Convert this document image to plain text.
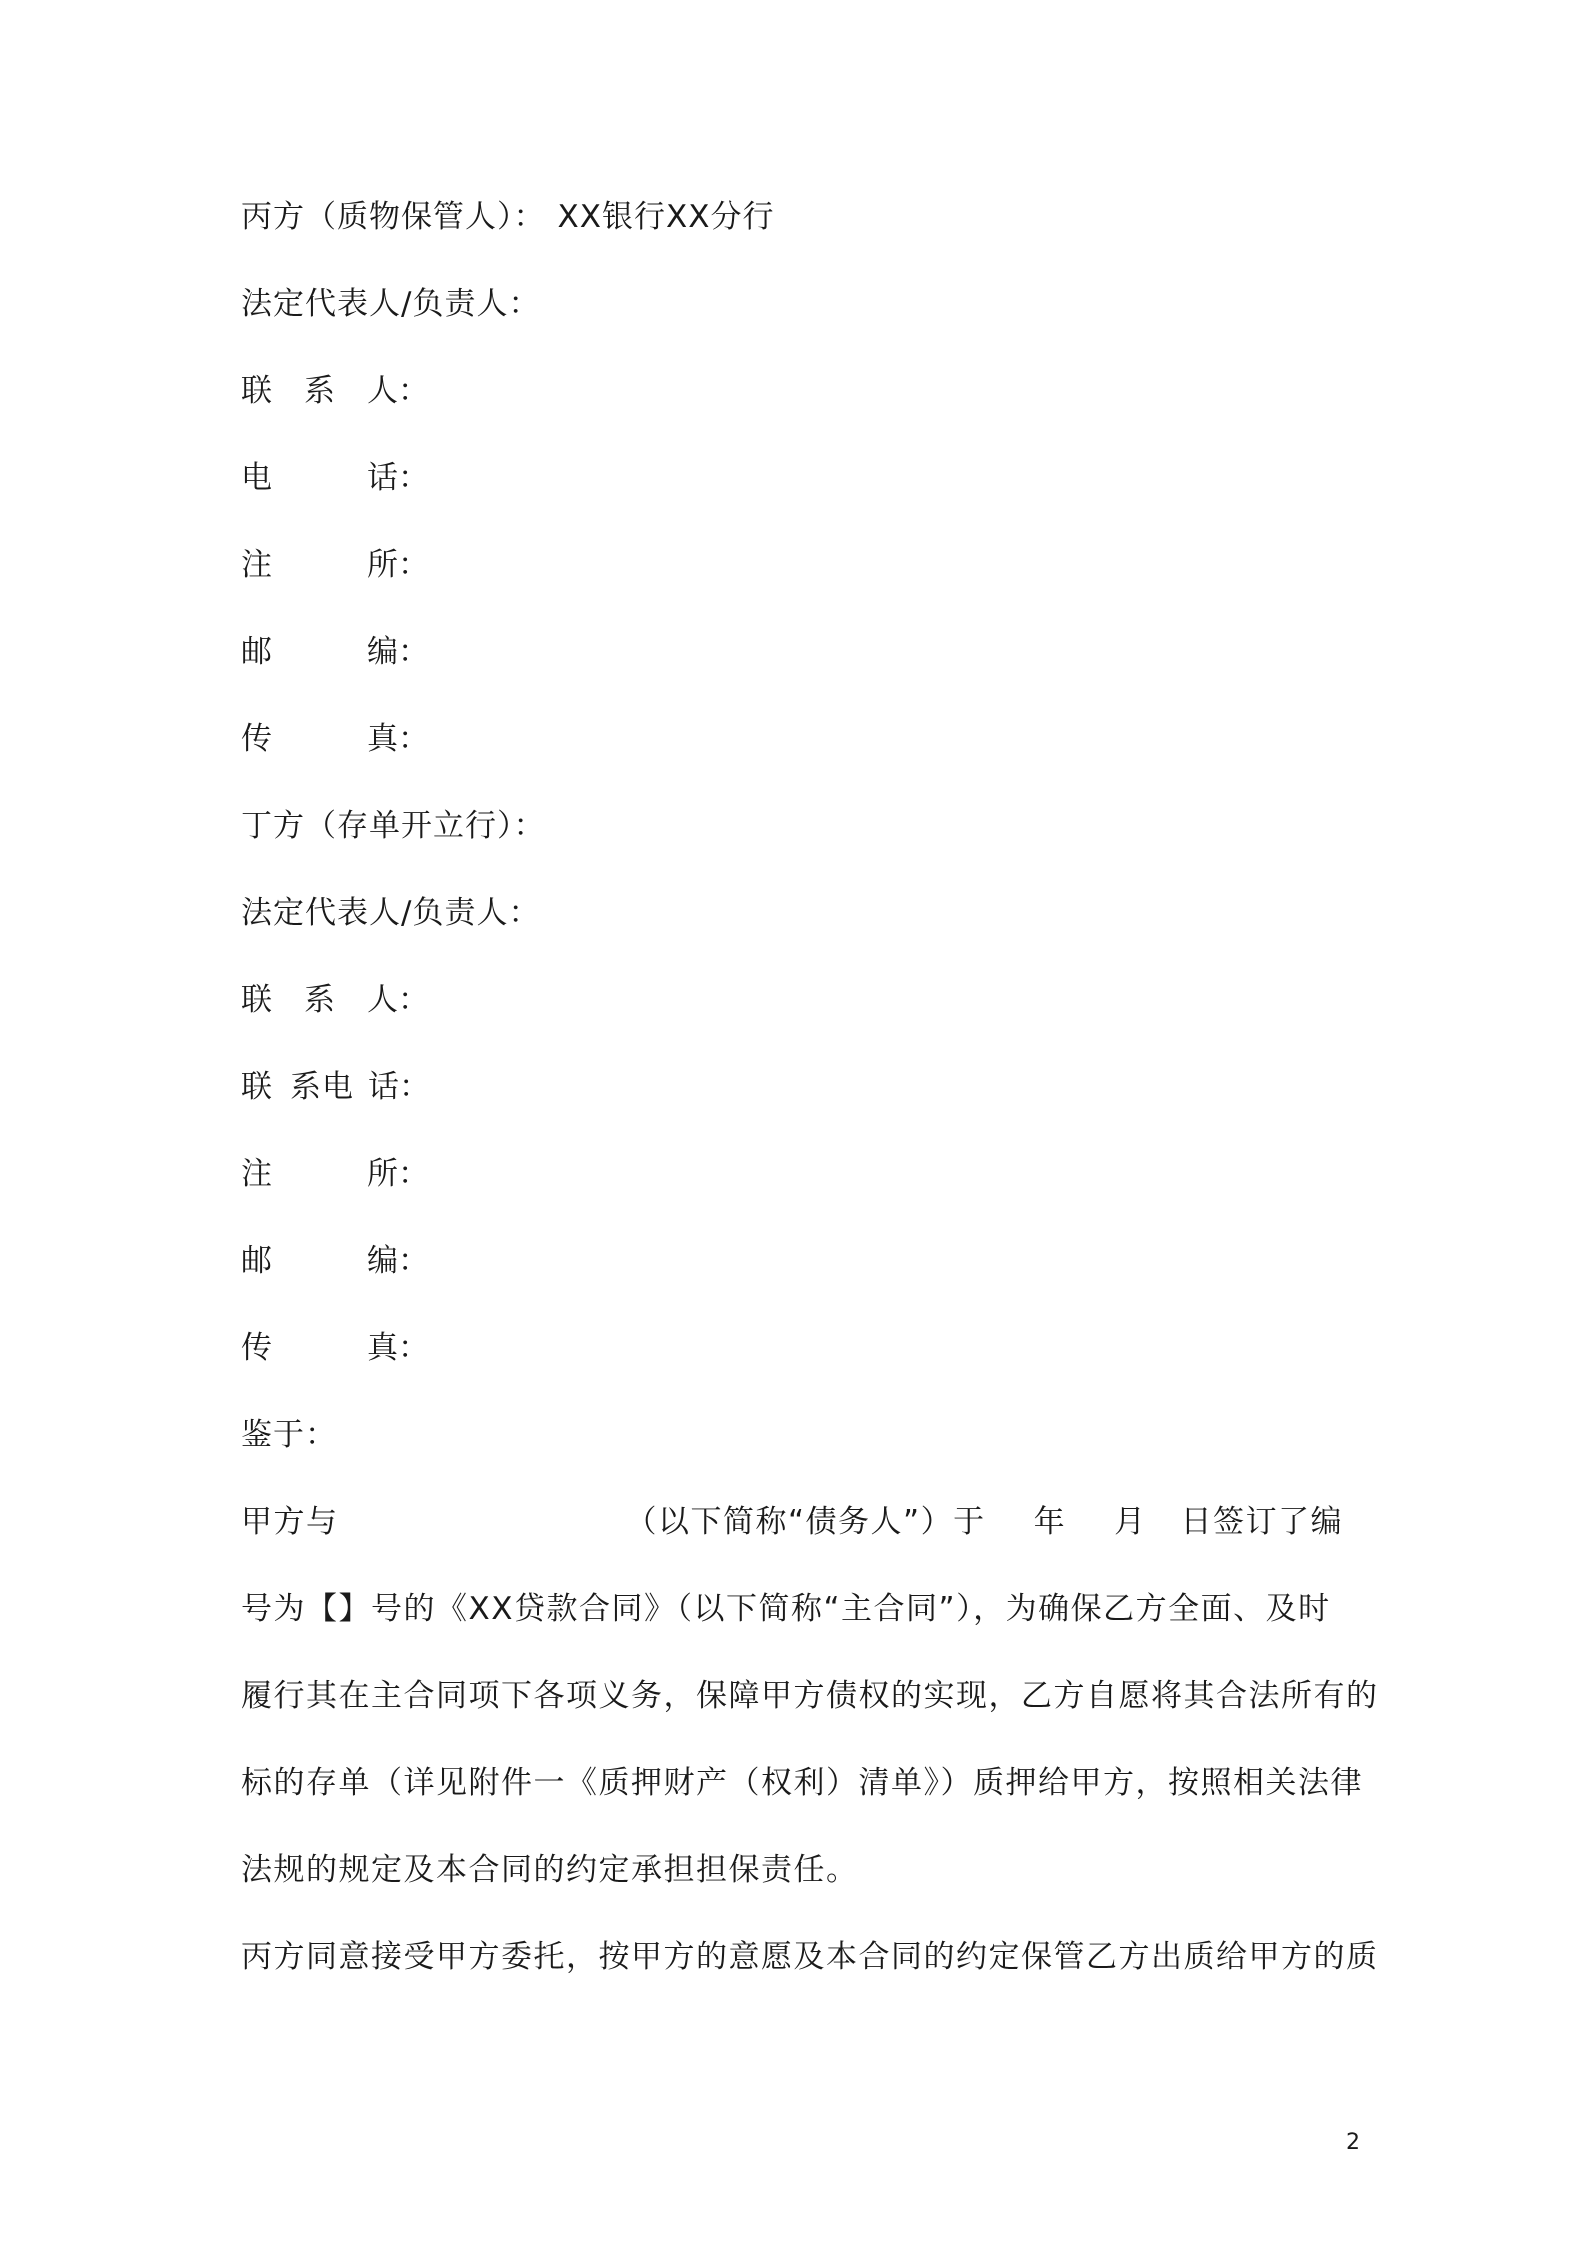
丙方（质物保管人）： XX银行XX分行
法定代表人/负责人：
联 系 人 ：
电	话 ：
注	所 ：
邮	编 ：
传	真 ：
丁方（存单开立行）：
法定代表人/负责人：
联 系 人 ：
联 系电 话 ：
注	所 ：
邮	编 ：
传	真 ：
鉴于：
甲方与	（以下简称“债务人”）于 年 月 日签订了编
号为【】号的《XX贷款合同》（以下简称“主合同”），为确保乙方全面、及时
履行其在主合同项下各项义务，保障甲方债权的实现，乙方自愿将其合法所有的
标的存单（详见附件一《质押财产（权利）清单》）质押给甲方，按照相关法律
法规的规定及本合同的约定承担担保责任。
丙方同意接受甲方委托，按甲方的意愿及本合同的约定保管乙方出质给甲方的质
2
